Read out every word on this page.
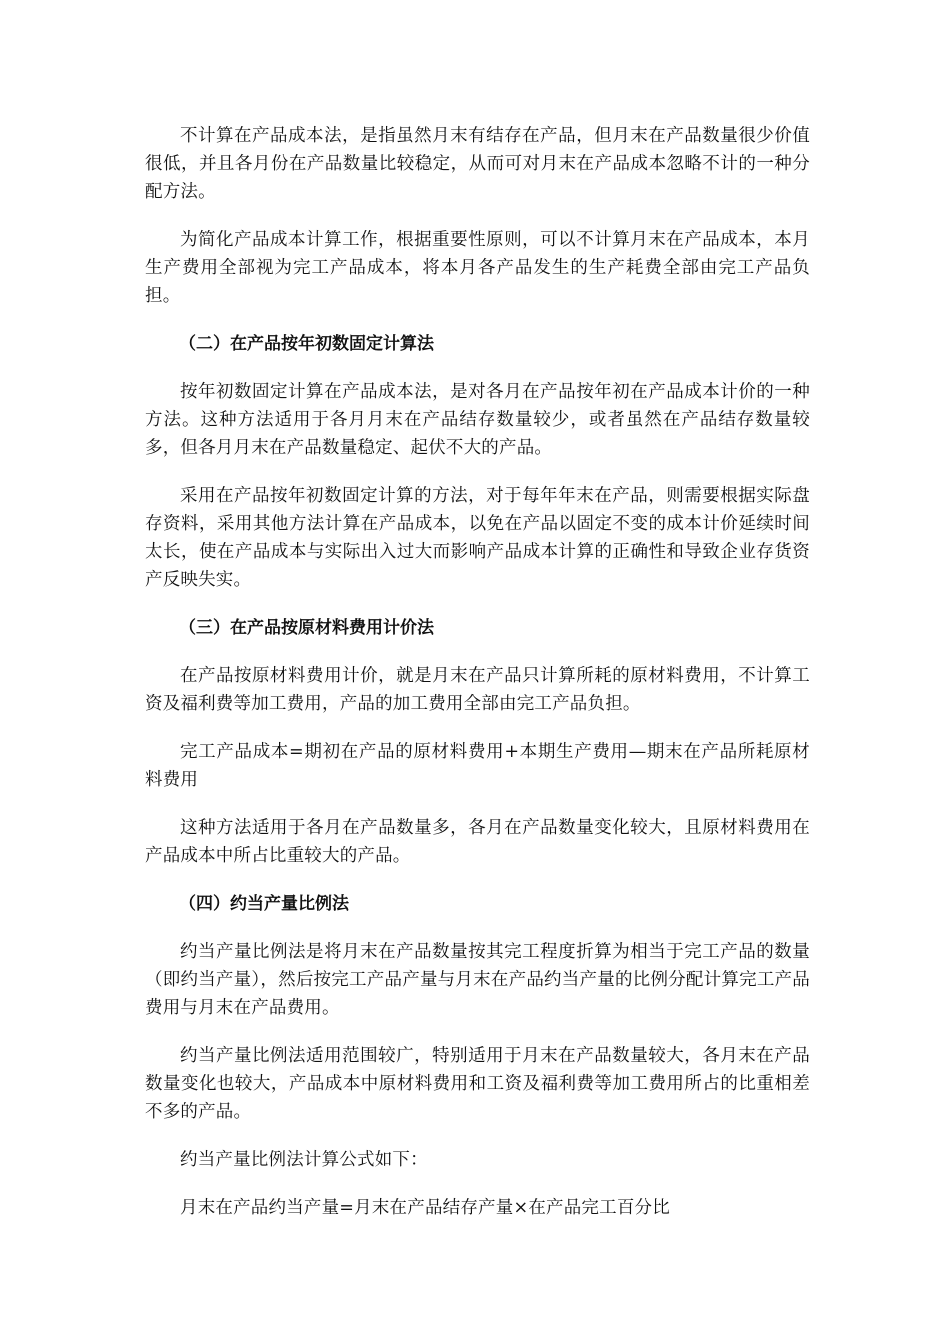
不计算在产品成本法，是指虽然月末有结存在产品，但月末在产品数量很少价值很低，并且各月份在产品数量比较稳定，从而可对月末在产品成本忽略不计的一种分配方法。

为简化产品成本计算工作，根据重要性原则，可以不计算月末在产品成本，本月生产费用全部视为完工产品成本，将本月各产品发生的生产耗费全部由完工产品负担。

（二）在产品按年初数固定计算法

按年初数固定计算在产品成本法，是对各月在产品按年初在产品成本计价的一种方法。这种方法适用于各月月末在产品结存数量较少，或者虽然在产品结存数量较多，但各月月末在产品数量稳定、起伏不大的产品。

采用在产品按年初数固定计算的方法，对于每年年末在产品，则需要根据实际盘存资料，采用其他方法计算在产品成本，以免在产品以固定不变的成本计价延续时间太长，使在产品成本与实际出入过大而影响产品成本计算的正确性和导致企业存货资产反映失实。

（三）在产品按原材料费用计价法

在产品按原材料费用计价，就是月末在产品只计算所耗的原材料费用，不计算工资及福利费等加工费用，产品的加工费用全部由完工产品负担。

完工产品成本=期初在产品的原材料费用+本期生产费用—期末在产品所耗原材料费用

这种方法适用于各月在产品数量多，各月在产品数量变化较大，且原材料费用在产品成本中所占比重较大的产品。

（四）约当产量比例法

约当产量比例法是将月末在产品数量按其完工程度折算为相当于完工产品的数量（即约当产量），然后按完工产品产量与月末在产品约当产量的比例分配计算完工产品费用与月末在产品费用。

约当产量比例法适用范围较广，特别适用于月末在产品数量较大，各月末在产品数量变化也较大，产品成本中原材料费用和工资及福利费等加工费用所占的比重相差不多的产品。

约当产量比例法计算公式如下：

月末在产品约当产量=月末在产品结存产量×在产品完工百分比
